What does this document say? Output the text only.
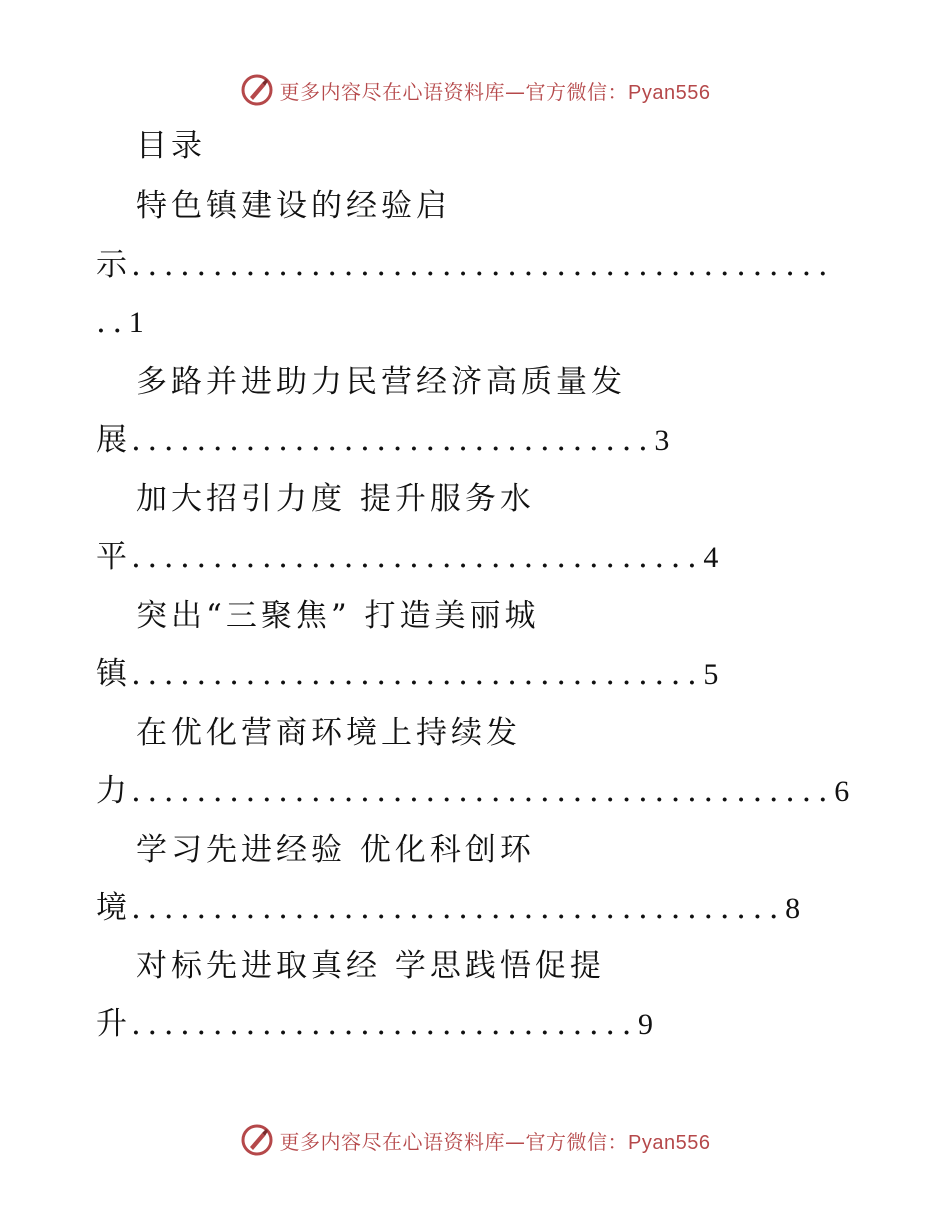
更多内容尽在心语资料库—官方微信：Pyan556
目录
特色镇建设的经验启
示...........................................
..1
多路并进助力民营经济高质量发
展................................3
加大招引力度 提升服务水
平...................................4
突出“三聚焦” 打造美丽城
镇...................................5
在优化营商环境上持续发
力...........................................6
学习先进经验 优化科创环
境........................................8
对标先进取真经 学思践悟促提
升...............................9
更多内容尽在心语资料库—官方微信：Pyan556
